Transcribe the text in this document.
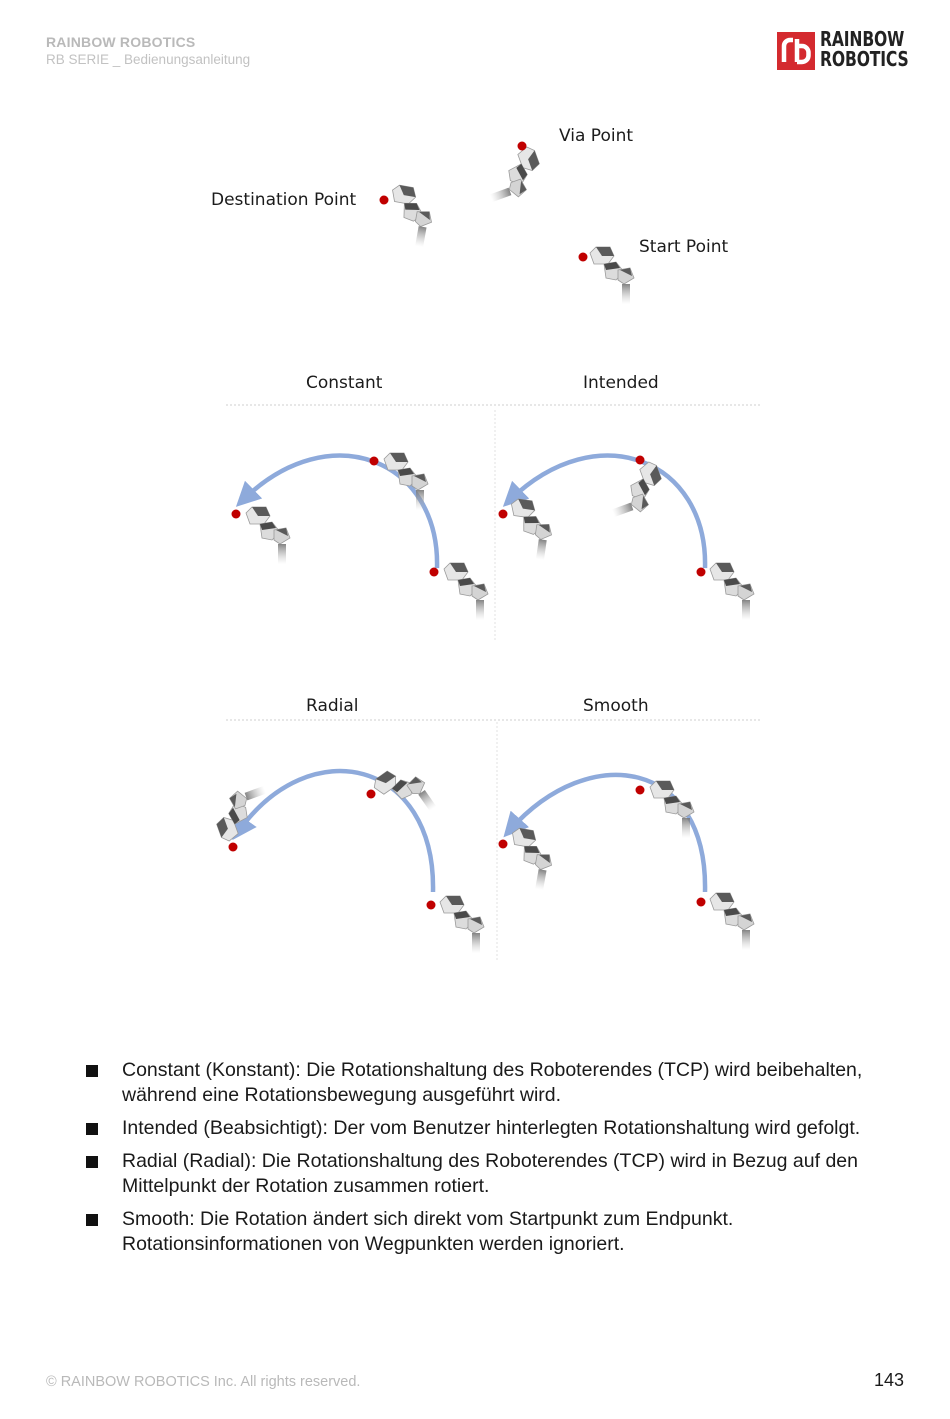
RAINBOW ROBOTICS
RB SERIE _ Bedienungsanleitung
RAINBOW
ROBOTICS
Via Point
Destination Point
Start Point
Constant	Intended
Radial	Smooth
Constant (Konstant): Die Rotationshaltung des Roboterendes (TCP) wird beibehalten, während eine Rotationsbewegung ausgeführt wird.
Intended (Beabsichtigt): Der vom Benutzer hinterlegten Rotationshaltung wird gefolgt.
Radial (Radial): Die Rotationshaltung des Roboterendes (TCP) wird in Bezug auf den Mittelpunkt der Rotation zusammen rotiert.
Smooth: Die Rotation ändert sich direkt vom Startpunkt zum Endpunkt. Rotationsinformationen von Wegpunkten werden ignoriert.
© RAINBOW ROBOTICS Inc. All rights reserved.	143
